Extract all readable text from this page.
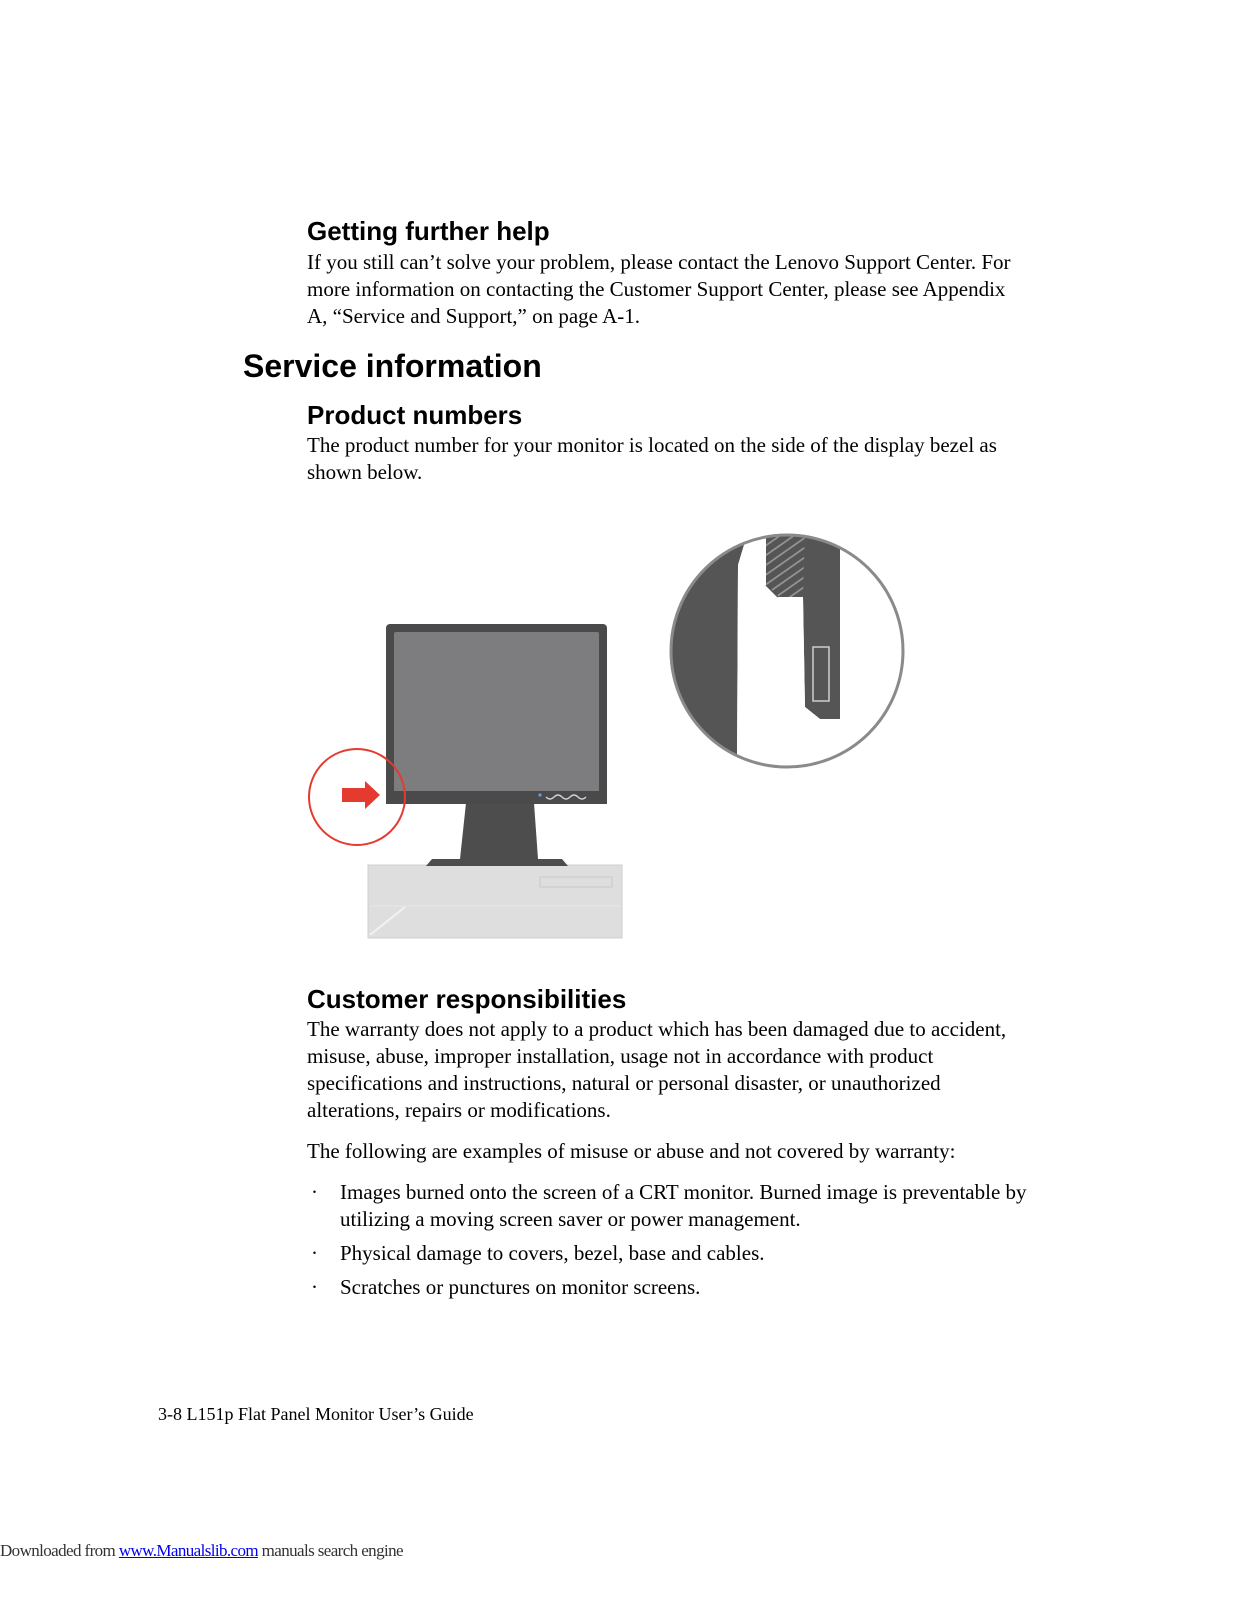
Getting further help

If you still can’t solve your problem, please contact the Lenovo Support Center. For
more information on contacting the Customer Support Center, please see Appendix
A, “Service and Support,” on page A-1.

Service information
Product numbers

The product number for your monitor is located on the side of the display bezel as
shown below.

Customer responsibilities

The warranty does not apply to a product which has been damaged due to accident,
misuse, abuse, improper installation, usage not in accordance with product
specifications and instructions, natural or personal disaster, or unauthorized
alterations, repairs or modifications.

The following are examples of misuse or abuse and not covered by warranty:

· Images burned onto the screen of a CRT monitor. Burned image is preventable by
utilizing a moving screen saver or power management.
· Physical damage to covers, bezel, base and cables.
· Scratches or punctures on monitor screens.
3-8 L151p Flat Panel Monitor User’s Guide
Downloaded from www.Manualslib.com manuals search engine
